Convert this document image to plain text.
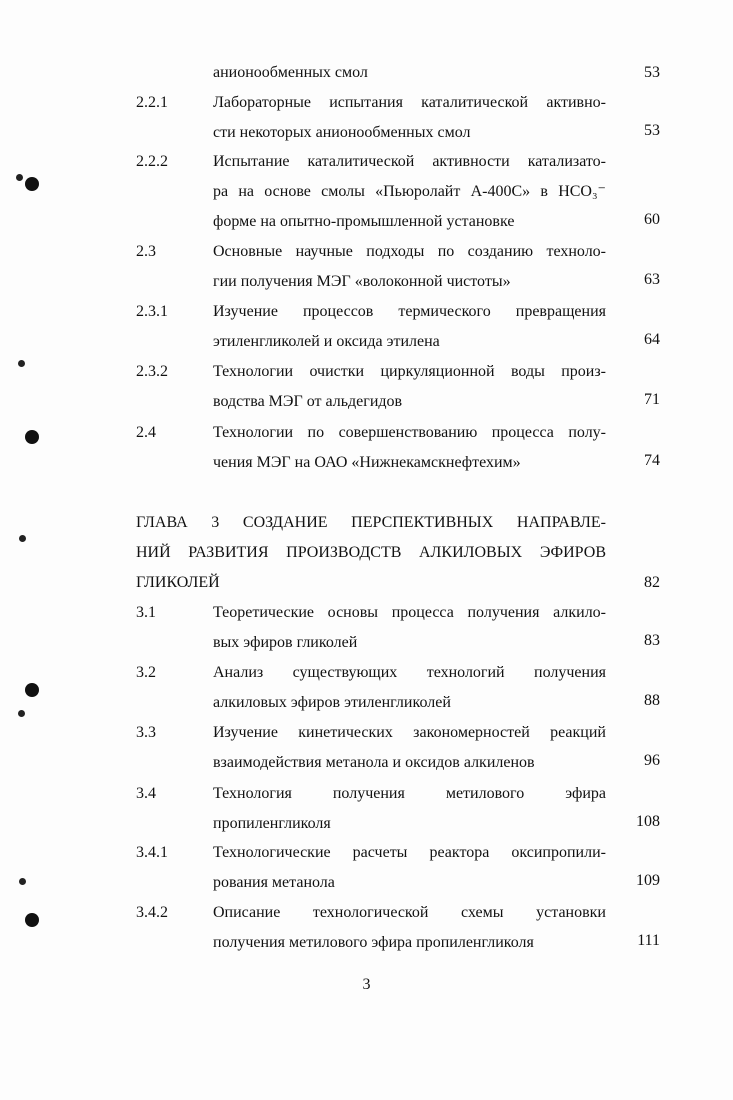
анионообменных смол	53
2.2.1	Лабораторные испытания каталитической активно-
сти некоторых анионообменных смол	53
2.2.2	Испытание каталитической активности катализато-
ра на основе смолы «Пьюролайт А-400С» в HCO₃⁻
форме на опытно-промышленной установке	60
2.3	Основные научные подходы по созданию техноло-
гии получения МЭГ «волоконной чистоты»	63
2.3.1	Изучение процессов термического превращения
этиленгликолей и оксида этилена	64
2.3.2	Технологии очистки циркуляционной воды произ-
водства МЭГ от альдегидов	71
2.4	Технологии по совершенствованию процесса полу-
чения МЭГ на ОАО «Нижнекамскнефтехим»	74
ГЛАВА 3 СОЗДАНИЕ ПЕРСПЕКТИВНЫХ НАПРАВЛЕ-
НИЙ РАЗВИТИЯ ПРОИЗВОДСТВ АЛКИЛОВЫХ ЭФИРОВ
ГЛИКОЛЕЙ	82
3.1	Теоретические основы процесса получения алкило-
вых эфиров гликолей	83
3.2	Анализ существующих технологий получения
алкиловых эфиров этиленгликолей	88
3.3	Изучение кинетических закономерностей реакций
взаимодействия метанола и оксидов алкиленов	96
3.4	Технология получения метилового эфира
пропиленгликоля	108
3.4.1	Технологические расчеты реактора оксипропили-
рования метанола	109
3.4.2	Описание технологической схемы установки
получения метилового эфира пропиленгликоля	111
3
